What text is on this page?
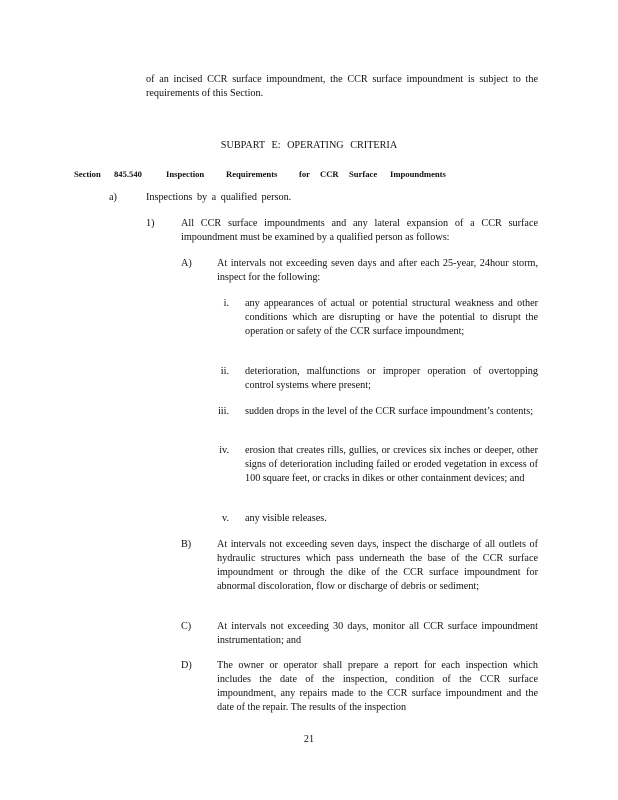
of an incised CCR surface impoundment, the CCR surface impoundment is subject to the requirements of this Section.
SUBPART E: OPERATING CRITERIA
Section 845.540	Inspection	Requirements	for CCR Surface Impoundments
a)	Inspections by a qualified person.
1)	All CCR surface impoundments and any lateral expansion of a CCR surface impoundment must be examined by a qualified person as follows:
A) At intervals not exceeding seven days and after each 25-year, 24hour storm, inspect for the following:
i. any appearances of actual or potential structural weakness and other conditions which are disrupting or have the potential to disrupt the operation or safety of the CCR surface impoundment;
ii. deterioration, malfunctions or improper operation of overtopping control systems where present;
iii. sudden drops in the level of the CCR surface impoundment’s contents;
iv. erosion that creates rills, gullies, or crevices six inches or deeper, other signs of deterioration including failed or eroded vegetation in excess of 100 square feet, or cracks in dikes or other containment devices; and
v. any visible releases.
B)	At intervals not exceeding seven days, inspect the discharge of all outlets of hydraulic structures which pass underneath the base of the CCR surface impoundment or through the dike of the CCR surface impoundment for abnormal discoloration, flow or discharge of debris or sediment;
C)	At intervals not exceeding 30 days, monitor all CCR surface impoundment instrumentation; and
D) The owner or operator shall prepare a report for each inspection which includes the date of the inspection, condition of the CCR surface impoundment, any repairs made to the CCR surface impoundment and the date of the repair. The results of the inspection
21
